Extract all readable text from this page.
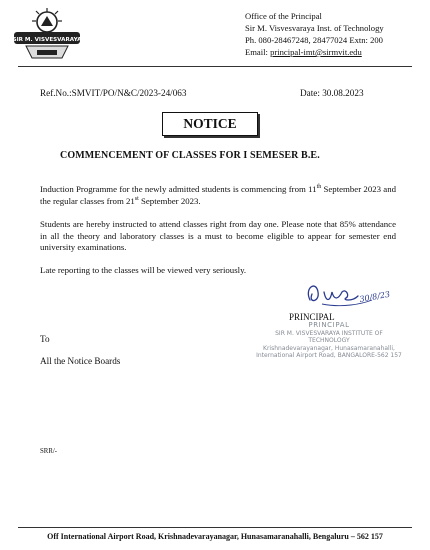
SIR M. VISVESVARAYA
Office of the Principal
Sir M. Visvesvaraya Inst. of Technology
Ph. 080-28467248, 28477024 Extn: 200
Email: principal-imt@sirmvit.edu
Ref.No.:SMVIT/PO/N&C/2023-24/063	Date: 30.08.2023
NOTICE
COMMENCEMENT OF CLASSES FOR I SEMESER B.E.
Induction Programme for the newly admitted students is commencing from 11th September 2023 and the regular classes from 21st September 2023.
Students are hereby instructed to attend classes right from day one. Please note that 85% attendance in all the theory and laboratory classes is a must to become eligible to appear for semester end university examinations.
Late reporting to the classes will be viewed very seriously.
30/8/23
PRINCIPAL
PRINCIPAL
SIR M. VISVESVARAYA INSTITUTE OF TECHNOLOGY
Krishnadevarayanagar, Hunasamaranahalli,
International Airport Road, BANGALORE-562 157
To
All the Notice Boards
SRR/-
Off International Airport Road, Krishnadevarayanagar, Hunasamaranahalli, Bengaluru – 562 157
